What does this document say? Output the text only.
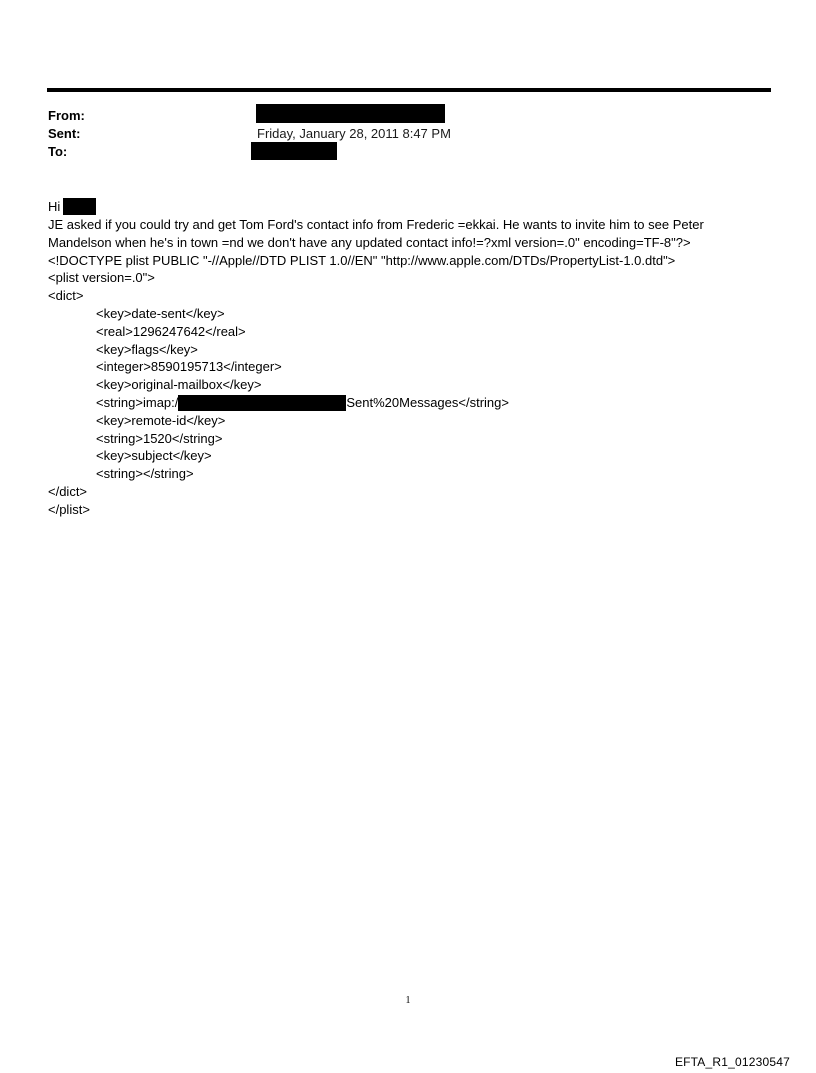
From:
Sent:	Friday, January 28, 2011 8:47 PM
To:

Hi

JE asked if you could try and get Tom Ford's contact info from Frederic =ekkai. He wants to invite him to see Peter

Mandelson when he's in town =nd we don't have any updated contact info!=?xml version=.0" encoding=TF-8"?>

<!DOCTYPE plist PUBLIC "-//Apple//DTD PLIST 1.0//EN" "http://www.apple.com/DTDs/PropertyList-1.0.dtd">

<plist version=.0">

<dict>

<key>date-sent</key>

<real>1296247642</real>

<key>flags</key>

<integer>8590195713</integer>

<key>original-mailbox</key>

<string>imap:/	Sent%20Messages</string>

<key>remote-id</key>

<string>1520</string>

<key>subject</key>

<string></string>

</dict>

</plist>

1
EFTA_R1_01230547
